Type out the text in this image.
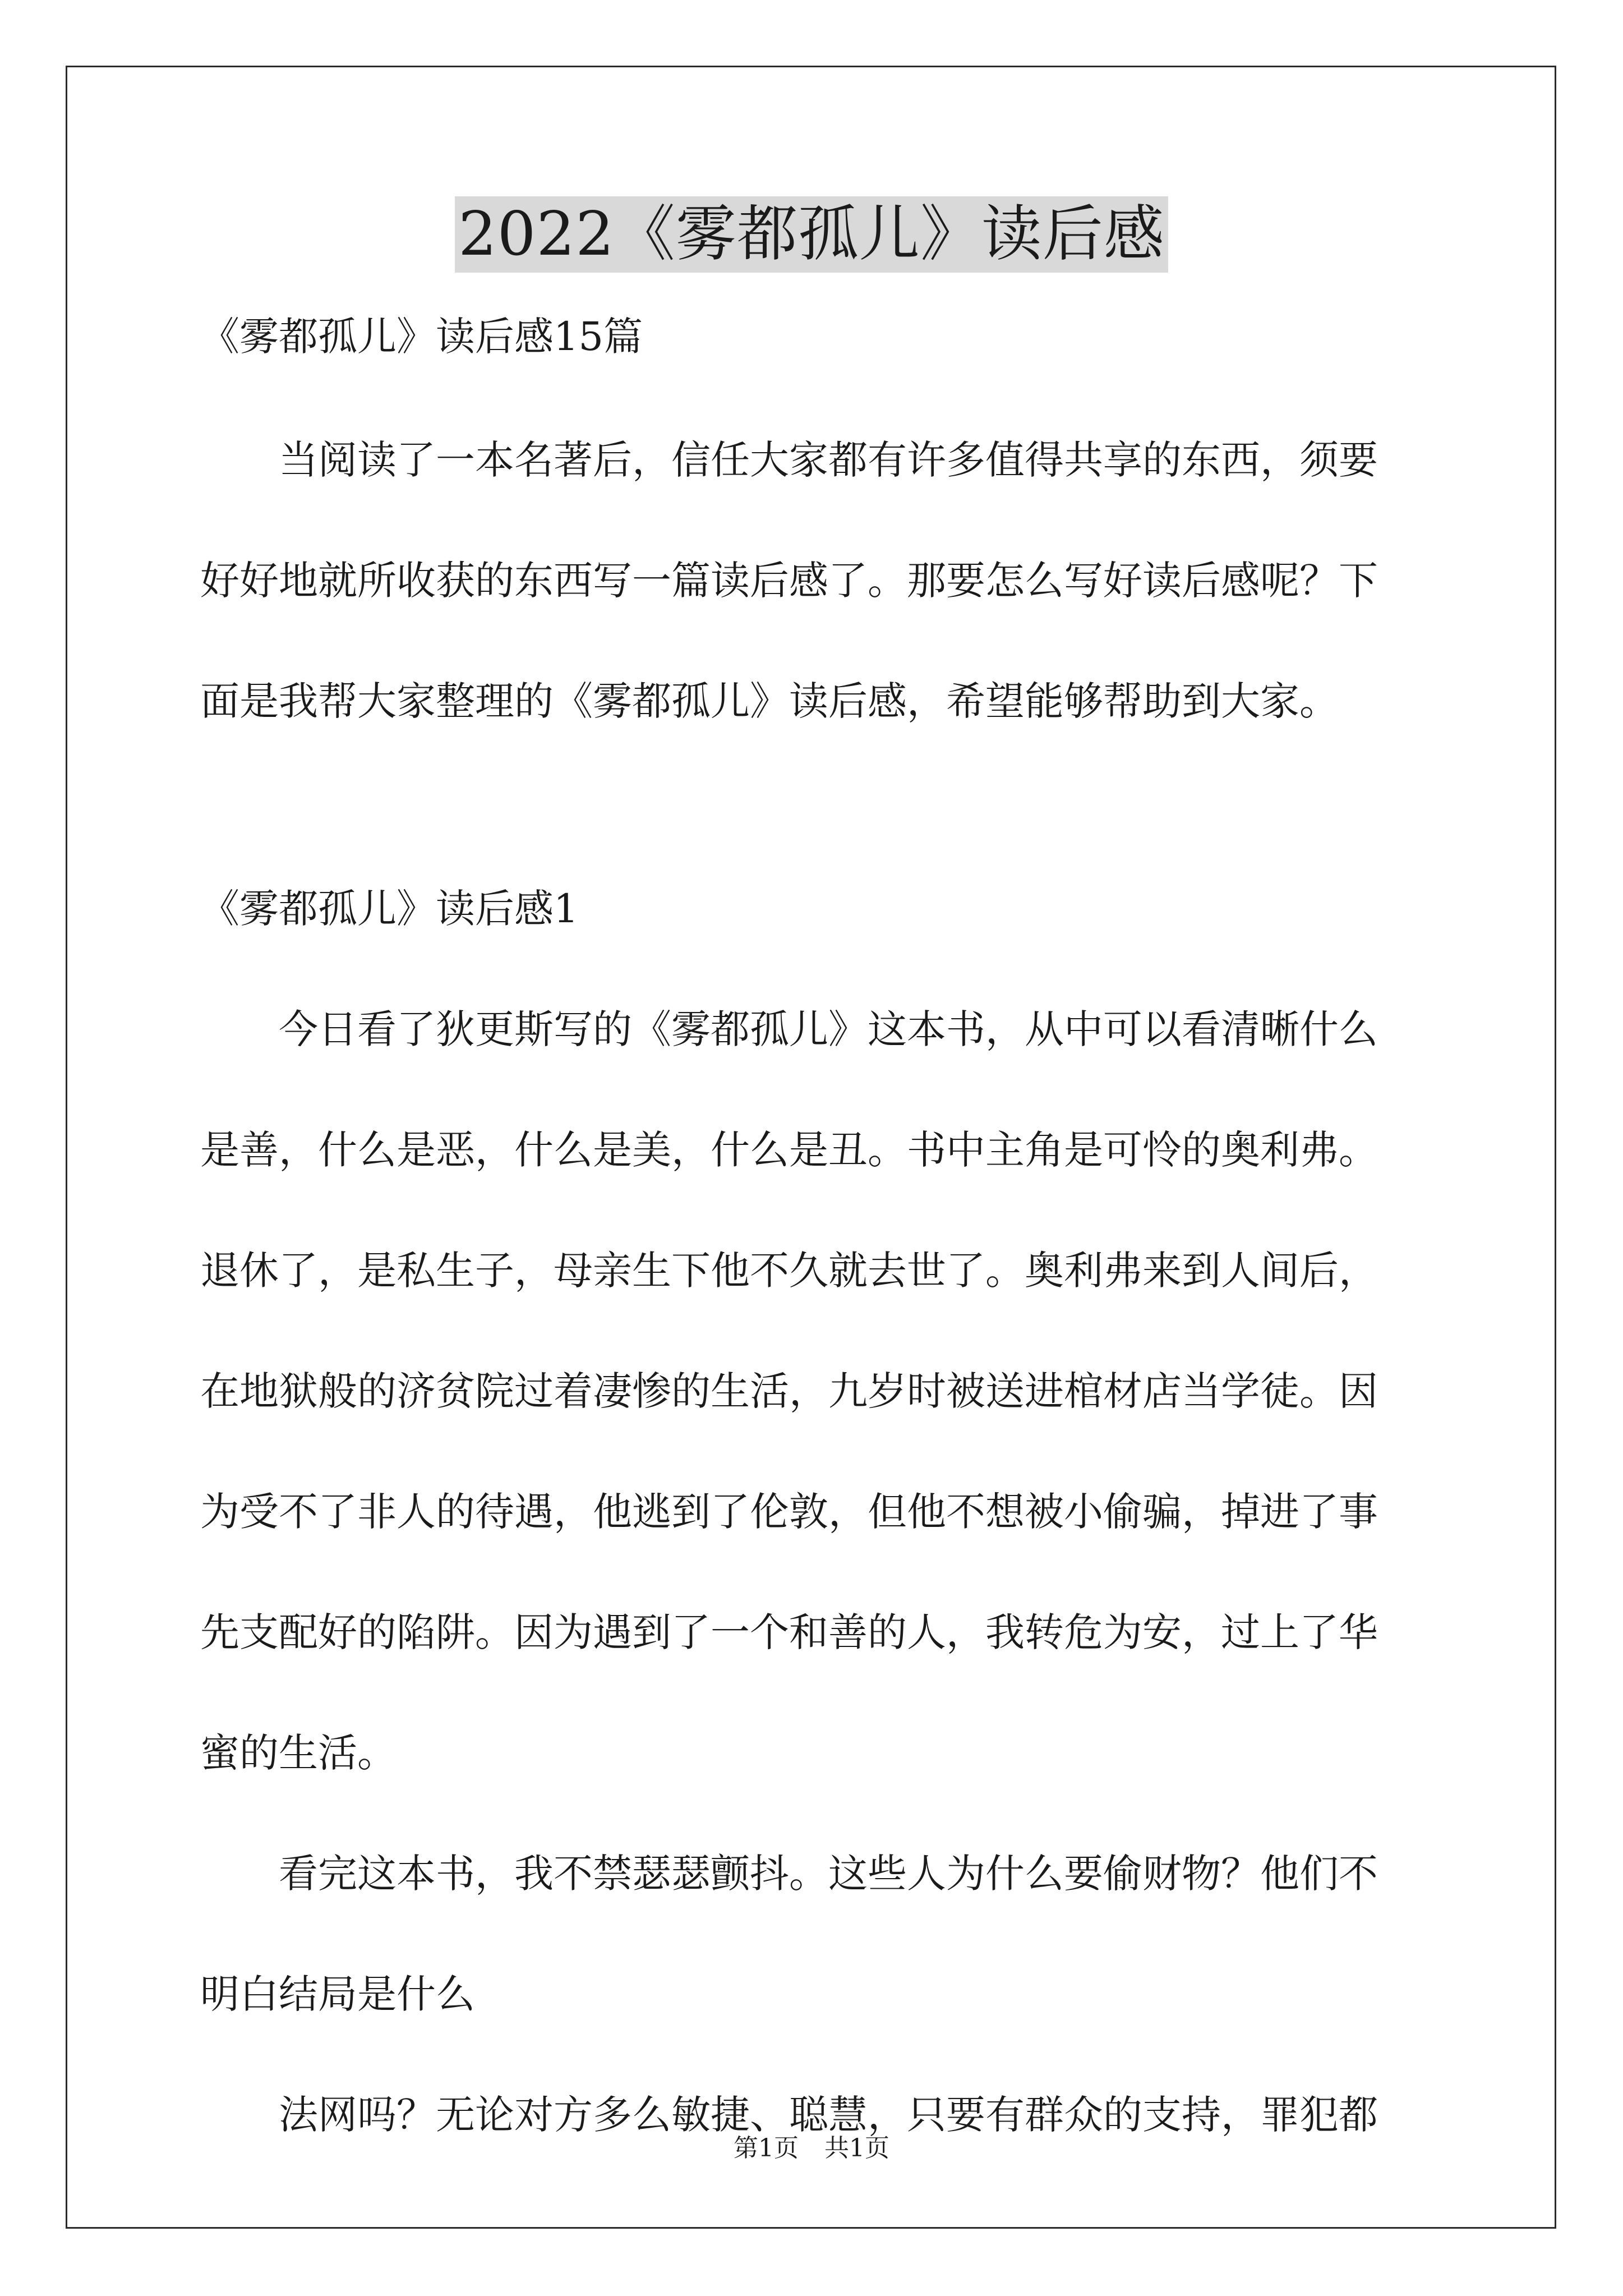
2022《雾都孤儿》读后感

《雾都孤儿》读后感15篇

当阅读了一本名著后，信任大家都有许多值得共享的东西，须要

好好地就所收获的东西写一篇读后感了。那要怎么写好读后感呢？下

面是我帮大家整理的《雾都孤儿》读后感，希望能够帮助到大家。

《雾都孤儿》读后感1

今日看了狄更斯写的《雾都孤儿》这本书，从中可以看清晰什么

是善，什么是恶，什么是美，什么是丑。书中主角是可怜的奥利弗。

退休了，是私生子，母亲生下他不久就去世了。奥利弗来到人间后，

在地狱般的济贫院过着凄惨的生活，九岁时被送进棺材店当学徒。因

为受不了非人的待遇，他逃到了伦敦，但他不想被小偷骗，掉进了事

先支配好的陷阱。因为遇到了一个和善的人，我转危为安，过上了华

蜜的生活。

看完这本书，我不禁瑟瑟颤抖。这些人为什么要偷财物？他们不

明白结局是什么

法网吗？无论对方多么敏捷、聪慧，只要有群众的支持，罪犯都

第1页 共1页
